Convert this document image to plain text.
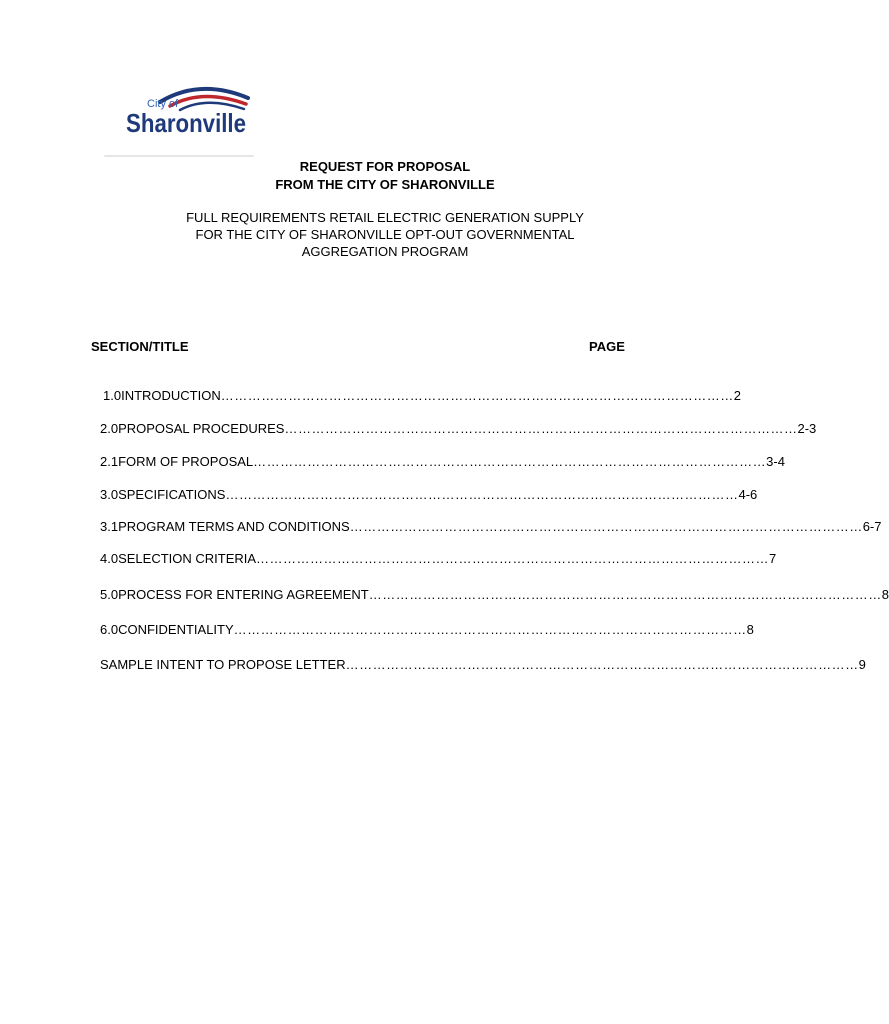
City of
Sharonville
REQUEST FOR PROPOSAL
FROM THE CITY OF SHARONVILLE
FULL REQUIREMENTS RETAIL ELECTRIC GENERATION SUPPLY
FOR THE CITY OF SHARONVILLE OPT-OUT GOVERNMENTAL
AGGREGATION PROGRAM
SECTION/TITLE	PAGE
1.0 INTRODUCTION …………………………………………………………………………………………………… 2
2.0 PROPOSAL PROCEDURES …………………………………………………………………………………………………… 2-3
2.1 FORM OF PROPOSAL …………………………………………………………………………………………………… 3-4
3.0 SPECIFICATIONS …………………………………………………………………………………………………… 4-6
3.1 PROGRAM TERMS AND CONDITIONS …………………………………………………………………………………………………… 6-7
4.0 SELECTION CRITERIA …………………………………………………………………………………………………… 7
5.0 PROCESS FOR ENTERING AGREEMENT …………………………………………………………………………………………………… 8
6.0 CONFIDENTIALITY …………………………………………………………………………………………………… 8
SAMPLE INTENT TO PROPOSE LETTER …………………………………………………………………………………………………… 9
